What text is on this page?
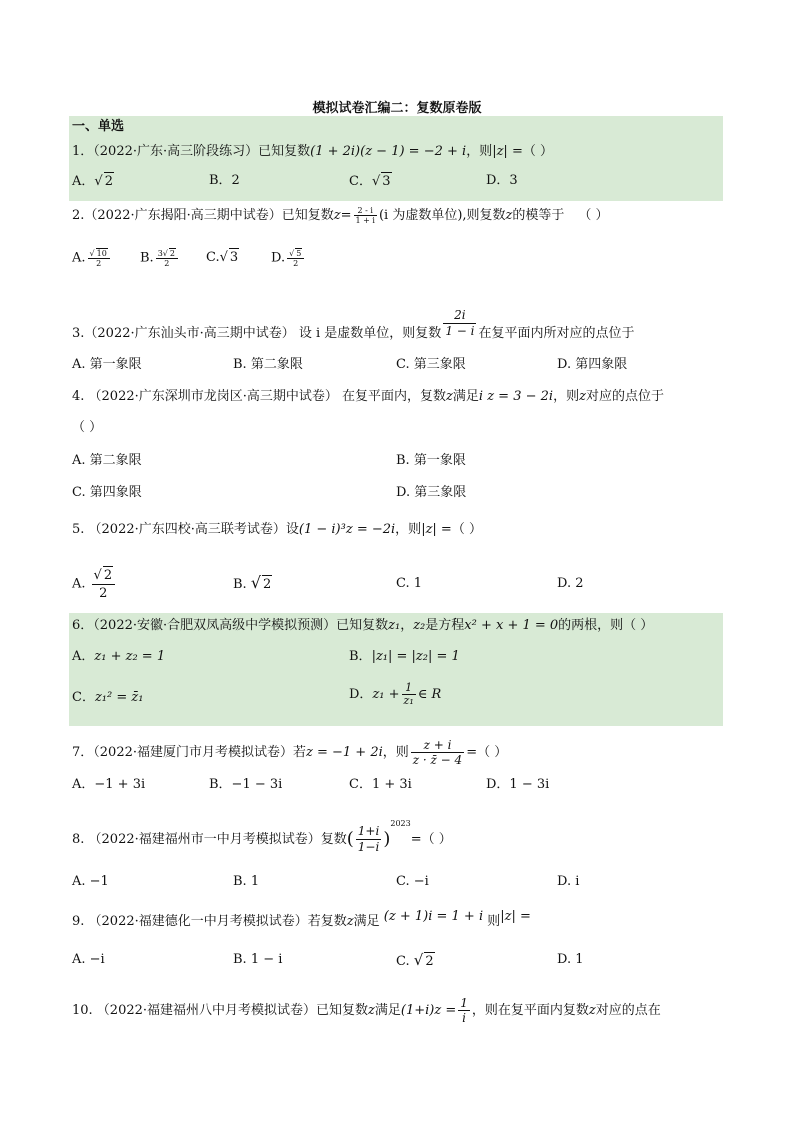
模拟试卷汇编二：复数原卷版
一、单选
1．（2022·广东·高三阶段练习）已知复数(1 + 2i)(z − 1) = −2 + i，则|z| =（ ）
A．√ 2	B．2	C．√ 3	D．3
2.（2022·广东揭阳·高三期中试卷）已知复数$z= \frac{2 - i}{1 + i} (i$ 为虚数单位),则复数z的模等于 （ ）
A. $\frac{√ 10}{2} B$. $\frac{3√ 2}{2} C.√$ 3	D. $\frac{√ 5}{2}$
3.（2022·广东汕头市·高三期中试卷） 设 i 是虚数单位，则复数 $\frac{2i}{1 - i}$ 在复平面内所对应的点位于
A. 第一象限	B. 第二象限	C. 第三象限	D. 第四象限
4. （2022·广东深圳市龙岗区·高三期中试卷） 在复平面内，复数z满足i z = 3 − 2i，则z对应的点位于
（ ）
A. 第二象限	B. 第一象限
C. 第四象限	D. 第三象限
5. （2022·广东四校·高三联考试卷）设(1 − i)³z = −2i，则|z| =（ ）
A. $\frac{√ 2}{2}$	B. √ 2	C. 1	D. 2
6．（2022·安徽·合肥双凤高级中学模拟预测）已知复数z₁，z₂是方程x² + x + 1 = 0的两根，则（ ）
A．z₁ + z₂ = 1	B．|z₁| = |z₂| = 1
C．z₁² = z̄₁	D．$z_1 + \frac{1}{\text{z₁}}$ ∈ R
7．（2022·福建厦门市月考模拟试卷）若z = −1 + 2i，则 $\frac{z + i}{z \cdot z̄ - 4}$ =（ ）
A．−1 + 3i	B．−1 − 3i	C．1 + 3i	D．1 − 3i
8. （2022·福建福州市一中月考模拟试卷）复数( $\frac{1+i}{1-i} )^{2023}=$（ ）
A. −1	B. 1	C. −i	D. i
9. （2022·福建德化一中月考模拟试卷）若复数z满足 (z + 1)i = 1 + i 则|z| =
A. −i	B. 1 − i	C. √ 2	D. 1
10. （2022·福建福州八中月考模拟试卷）已知复数z满足$(1+i)z = \frac{1}{i}$ ，则在复平面内复数z对应的点在
